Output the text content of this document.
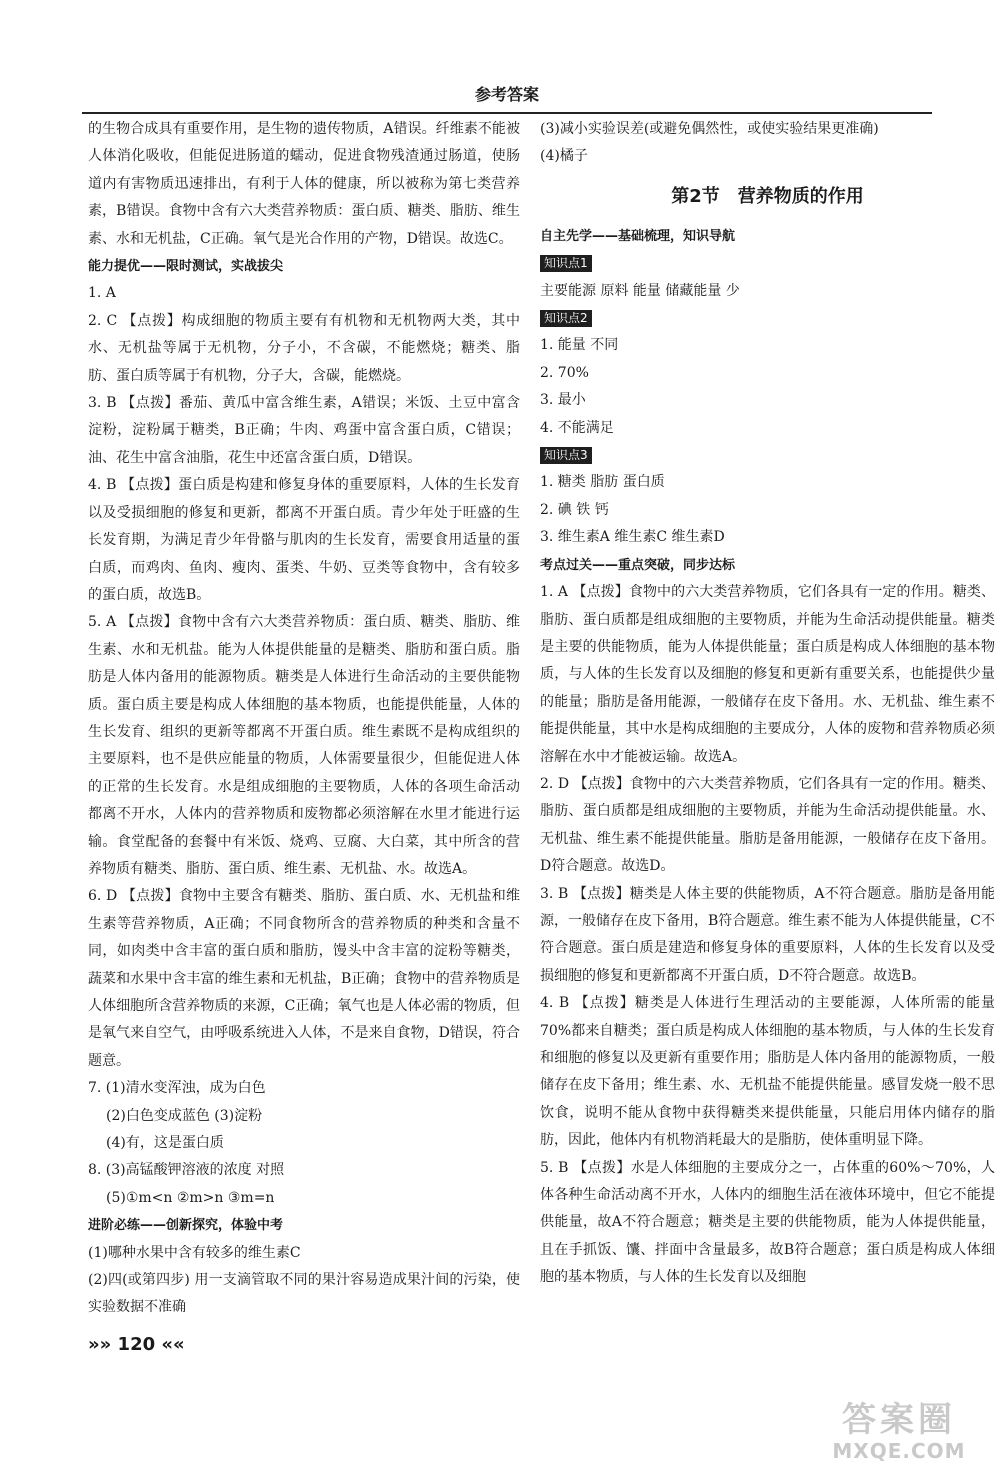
参考答案

的生物合成具有重要作用，是生物的遗传物质，A错误。纤维素不能被人体消化吸收，但能促进肠道的蠕动，促进食物残渣通过肠道，使肠道内有害物质迅速排出，有利于人体的健康，所以被称为第七类营养素，B错误。食物中含有六大类营养物质：蛋白质、糖类、脂肪、维生素、水和无机盐，C正确。氧气是光合作用的产物，D错误。故选C。

能力提优——限时测试，实战拔尖

1. A

2. C 【点拨】构成细胞的物质主要有有机物和无机物两大类，其中水、无机盐等属于无机物，分子小，不含碳，不能燃烧；糖类、脂肪、蛋白质等属于有机物，分子大，含碳，能燃烧。

3. B 【点拨】番茄、黄瓜中富含维生素，A错误；米饭、土豆中富含淀粉，淀粉属于糖类，B正确；牛肉、鸡蛋中富含蛋白质，C错误；油、花生中富含油脂，花生中还富含蛋白质，D错误。

4. B 【点拨】蛋白质是构建和修复身体的重要原料，人体的生长发育以及受损细胞的修复和更新，都离不开蛋白质。青少年处于旺盛的生长发育期，为满足青少年骨骼与肌肉的生长发育，需要食用适量的蛋白质，而鸡肉、鱼肉、瘦肉、蛋类、牛奶、豆类等食物中，含有较多的蛋白质，故选B。

5. A 【点拨】食物中含有六大类营养物质：蛋白质、糖类、脂肪、维生素、水和无机盐。能为人体提供能量的是糖类、脂肪和蛋白质。脂肪是人体内备用的能源物质。糖类是人体进行生命活动的主要供能物质。蛋白质主要是构成人体细胞的基本物质，也能提供能量，人体的生长发育、组织的更新等都离不开蛋白质。维生素既不是构成组织的主要原料，也不是供应能量的物质，人体需要量很少，但能促进人体的正常的生长发育。水是组成细胞的主要物质，人体的各项生命活动都离不开水，人体内的营养物质和废物都必须溶解在水里才能进行运输。食堂配备的套餐中有米饭、烧鸡、豆腐、大白菜，其中所含的营养物质有糖类、脂肪、蛋白质、维生素、无机盐、水。故选A。

6. D 【点拨】食物中主要含有糖类、脂肪、蛋白质、水、无机盐和维生素等营养物质，A正确；不同食物所含的营养物质的种类和含量不同，如肉类中含丰富的蛋白质和脂肪，馒头中含丰富的淀粉等糖类，蔬菜和水果中含丰富的维生素和无机盐，B正确；食物中的营养物质是人体细胞所含营养物质的来源，C正确；氧气也是人体必需的物质，但是氧气来自空气，由呼吸系统进入人体，不是来自食物，D错误，符合题意。

7. (1)清水变浑浊，成为白色

(2)白色变成蓝色 (3)淀粉

(4)有，这是蛋白质

8. (3)高锰酸钾溶液的浓度 对照

(5)①m<n ②m>n ③m=n

进阶必练——创新探究，体验中考

(1)哪种水果中含有较多的维生素C

(2)四(或第四步) 用一支滴管取不同的果汁容易造成果汁间的污染，使实验数据不准确

(3)减小实验误差(或避免偶然性，或使实验结果更准确)

(4)橘子

第2节 营养物质的作用
自主先学——基础梳理，知识导航
知识点1

主要能源 原料 能量 储藏能量 少

知识点2

1. 能量 不同

2. 70%

3. 最小

4. 不能满足

知识点3

1. 糖类 脂肪 蛋白质

2. 碘 铁 钙

3. 维生素A 维生素C 维生素D

考点过关——重点突破，同步达标

1. A 【点拨】食物中的六大类营养物质，它们各具有一定的作用。糖类、脂肪、蛋白质都是组成细胞的主要物质，并能为生命活动提供能量。糖类是主要的供能物质，能为人体提供能量；蛋白质是构成人体细胞的基本物质，与人体的生长发育以及细胞的修复和更新有重要关系，也能提供少量的能量；脂肪是备用能源，一般储存在皮下备用。水、无机盐、维生素不能提供能量，其中水是构成细胞的主要成分，人体的废物和营养物质必须溶解在水中才能被运输。故选A。

2. D 【点拨】食物中的六大类营养物质，它们各具有一定的作用。糖类、脂肪、蛋白质都是组成细胞的主要物质，并能为生命活动提供能量。水、无机盐、维生素不能提供能量。脂肪是备用能源，一般储存在皮下备用。D符合题意。故选D。

3. B 【点拨】糖类是人体主要的供能物质，A不符合题意。脂肪是备用能源，一般储存在皮下备用，B符合题意。维生素不能为人体提供能量，C不符合题意。蛋白质是建造和修复身体的重要原料，人体的生长发育以及受损细胞的修复和更新都离不开蛋白质，D不符合题意。故选B。

4. B 【点拨】糖类是人体进行生理活动的主要能源，人体所需的能量70%都来自糖类；蛋白质是构成人体细胞的基本物质，与人体的生长发育和细胞的修复以及更新有重要作用；脂肪是人体内备用的能源物质，一般储存在皮下备用；维生素、水、无机盐不能提供能量。感冒发烧一般不思饮食，说明不能从食物中获得糖类来提供能量，只能启用体内储存的脂肪，因此，他体内有机物消耗最大的是脂肪，使体重明显下降。

5. B 【点拨】水是人体细胞的主要成分之一，占体重的60%～70%，人体各种生命活动离不开水，人体内的细胞生活在液体环境中，但它不能提供能量，故A不符合题意；糖类是主要的供能物质，能为人体提供能量，且在手抓饭、馕、拌面中含量最多，故B符合题意；蛋白质是构成人体细胞的基本物质，与人体的生长发育以及细胞

»» 120 ««
答案圈
MXQE.COM
